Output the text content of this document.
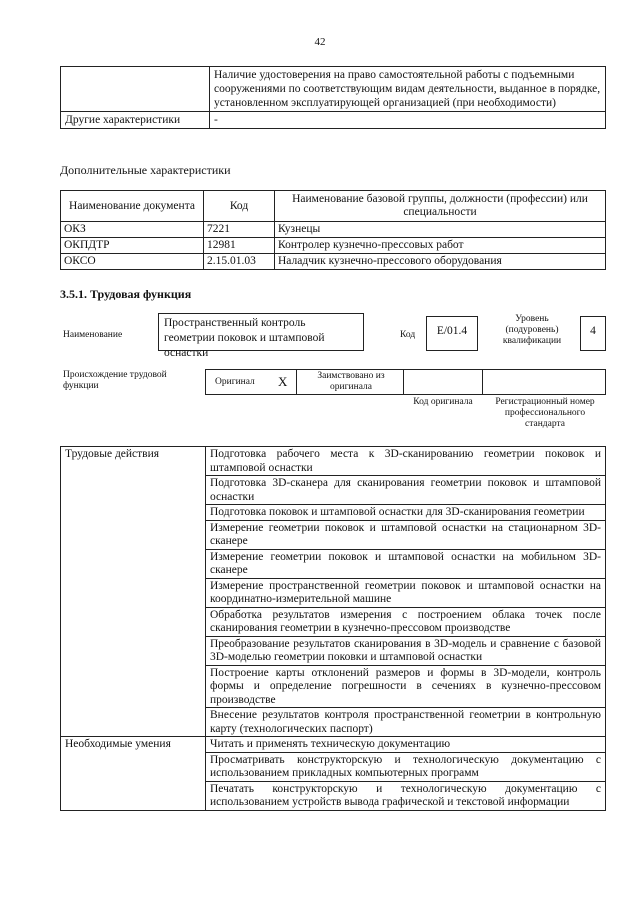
42
	Наличие удостоверения на право самостоятельной работы с подъемными сооружениями по соответствующим видам деятельности, выданное в порядке, установленном эксплуатирующей организацией (при необходимости)
Другие характеристики	-
Дополнительные характеристики
Наименование документа	Код	Наименование базовой группы, должности (профессии) или специальности
ОКЗ	7221	Кузнецы
ОКПДТР	12981	Контролер кузнечно-прессовых работ
ОКСО	2.15.01.03	Наладчик кузнечно-прессового оборудования
3.5.1. Трудовая функция
Наименование
Пространственный контроль геометрии поковок и штамповой оснастки
Код	E/01.4
Уровень (подуровень) квалификации
4
Происхождение трудовой функции	Оригинал X	Заимствовано из оригинала
Код оригинала	Регистрационный номер профессионального стандарта
Трудовые действия	Подготовка рабочего места к 3D-сканированию геометрии поковок и штамповой оснастки
	Подготовка 3D-сканера для сканирования геометрии поковок и штамповой оснастки
	Подготовка поковок и штамповой оснастки для 3D-сканирования геометрии
	Измерение геометрии поковок и штамповой оснастки на стационарном 3D-сканере
	Измерение геометрии поковок и штамповой оснастки на мобильном 3D-сканере
	Измерение пространственной геометрии поковок и штамповой оснастки на координатно-измерительной машине
	Обработка результатов измерения с построением облака точек после сканирования геометрии в кузнечно-прессовом производстве
	Преобразование результатов сканирования в 3D-модель и сравнение с базовой 3D-моделью геометрии поковки и штамповой оснастки
	Построение карты отклонений размеров и формы в 3D-модели, контроль формы и определение погрешности в сечениях в кузнечно-прессовом производстве
	Внесение результатов контроля пространственной геометрии в контрольную карту (технологических паспорт)
Необходимые умения	Читать и применять техническую документацию
	Просматривать конструкторскую и технологическую документацию с использованием прикладных компьютерных программ
	Печатать конструкторскую и технологическую документацию с использованием устройств вывода графической и текстовой информации
